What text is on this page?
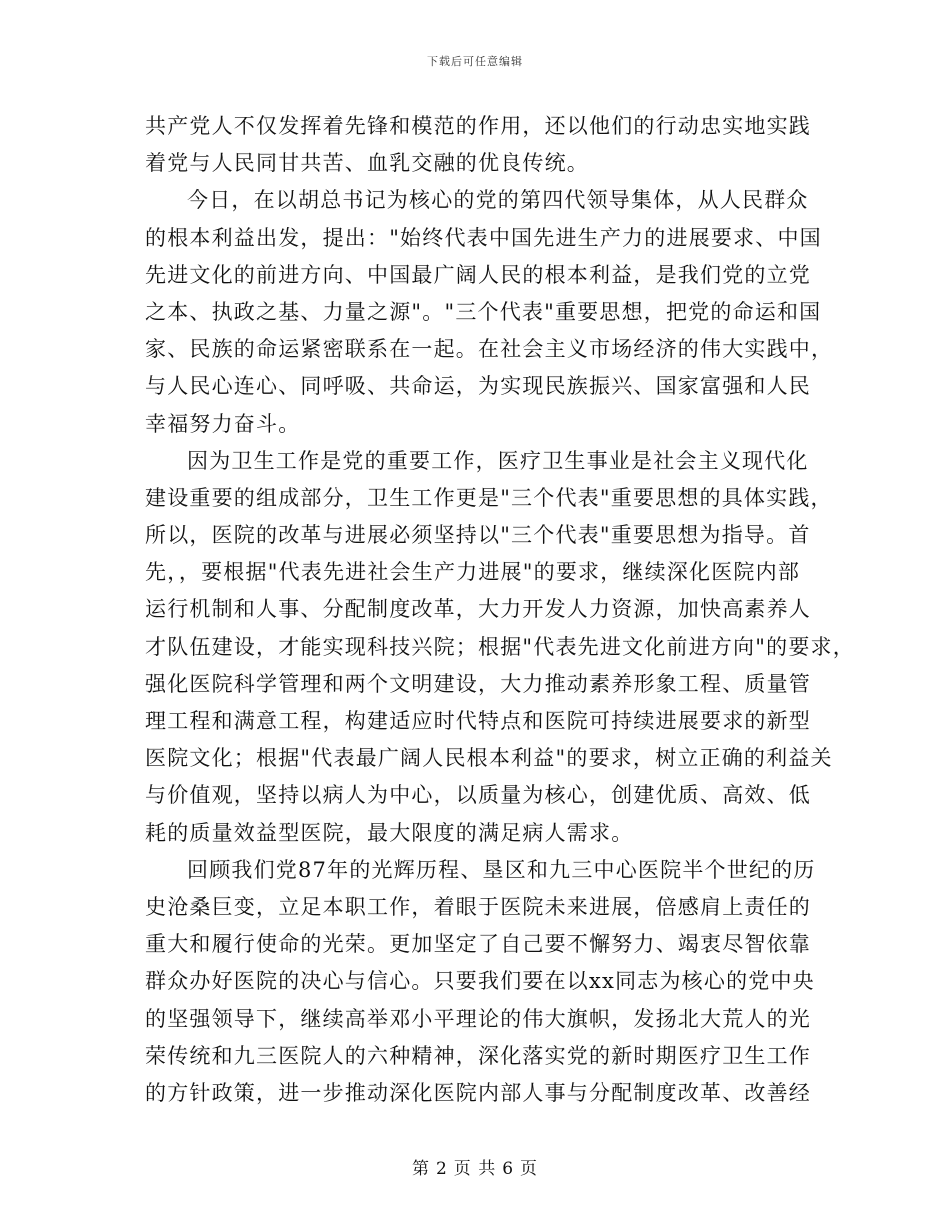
下载后可任意编辑
共产党人不仅发挥着先锋和模范的作用，还以他们的行动忠实地实践
着党与人民同甘共苦、血乳交融的优良传统。
今日，在以胡总书记为核心的党的第四代领导集体，从人民群众
的根本利益出发，提出："始终代表中国先进生产力的进展要求、中国
先进文化的前进方向、中国最广阔人民的根本利益，是我们党的立党
之本、执政之基、力量之源"。"三个代表"重要思想，把党的命运和国
家、民族的命运紧密联系在一起。在社会主义市场经济的伟大实践中，
与人民心连心、同呼吸、共命运，为实现民族振兴、国家富强和人民
幸福努力奋斗。
因为卫生工作是党的重要工作，医疗卫生事业是社会主义现代化
建设重要的组成部分，卫生工作更是"三个代表"重要思想的具体实践，
所以，医院的改革与进展必须坚持以"三个代表"重要思想为指导。首
先，，要根据"代表先进社会生产力进展"的要求，继续深化医院内部
运行机制和人事、分配制度改革，大力开发人力资源，加快高素养人
才队伍建设，才能实现科技兴院；根据"代表先进文化前进方向"的要求，
强化医院科学管理和两个文明建设，大力推动素养形象工程、质量管
理工程和满意工程，构建适应时代特点和医院可持续进展要求的新型
医院文化；根据"代表最广阔人民根本利益"的要求，树立正确的利益关
与价值观，坚持以病人为中心，以质量为核心，创建优质、高效、低
耗的质量效益型医院，最大限度的满足病人需求。
回顾我们党87年的光辉历程、垦区和九三中心医院半个世纪的历
史沧桑巨变，立足本职工作，着眼于医院未来进展，倍感肩上责任的
重大和履行使命的光荣。更加坚定了自己要不懈努力、竭衷尽智依靠
群众办好医院的决心与信心。只要我们要在以xx同志为核心的党中央
的坚强领导下，继续高举邓小平理论的伟大旗帜，发扬北大荒人的光
荣传统和九三医院人的六种精神，深化落实党的新时期医疗卫生工作
的方针政策，进一步推动深化医院内部人事与分配制度改革、改善经
第 2 页 共 6 页
